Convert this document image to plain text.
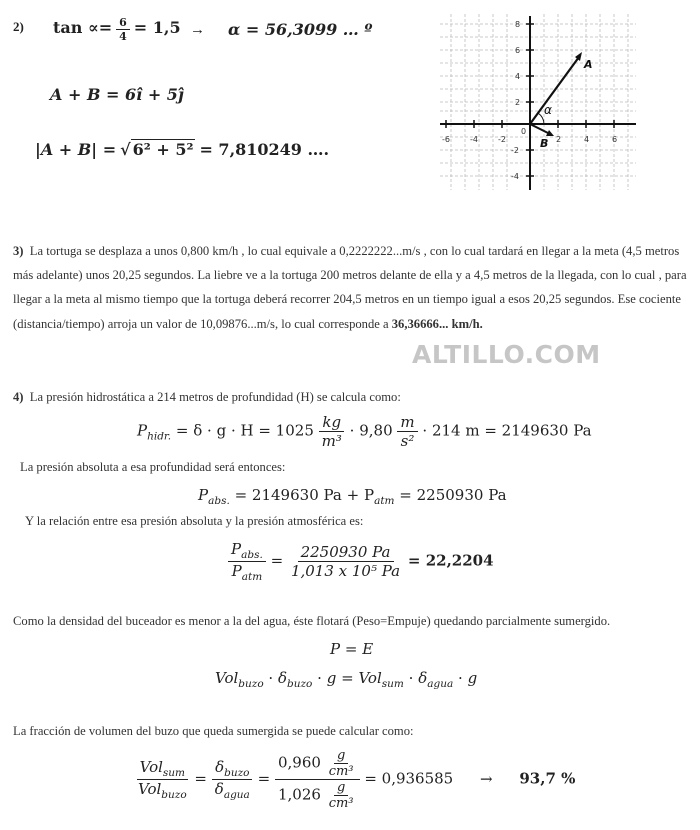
2) $\tan \propto= \frac{6}{4} = 1,5 \to \alpha = 56,3099$ … º
A + B = 6î + 5ĵ
|A + B| = √ 6² + 5² = 7,810249 ….
-6	-4	-2	2	4	6
8
6
4
2
-2
-4
0
A
B
α
3) La tortuga se desplaza a unos 0,800 km/h , lo cual equivale a 0,2222222...m/s , con lo cual tardará en llegar a la meta (4,5 metros más adelante) unos 20,25 segundos. La liebre ve a la tortuga 200 metros delante de ella y a 4,5 metros de la llegada, con lo cual , para llegar a la meta al mismo tiempo que la tortuga deberá recorrer 204,5 metros en un tiempo igual a esos 20,25 segundos. Ese cociente (distancia/tiempo) arroja un valor de 10,09876...m/s, lo cual corresponde a 36,36666... km/h.
ALTILLO.COM
4) La presión hidrostática a 214 metros de profundidad (H) se calcula como:
$P_{hidr.} = \delta \cdot g \cdot H = 1025 \frac{kg}{\text{m³}} \cdot 9,80 \frac{m}{\text{s²}} \cdot 214$ m = 2149630 Pa
La presión absoluta a esa profundidad será entonces:
$P_{abs.} = 2149630$ $Pa + P_{atm} = 2250930$ Pa
Y la relación entre esa presión absoluta y la presión atmosférica es:
$\frac{P_{abs.}}{P_{atm}} = \frac{2250930 Pa}{\text{1,013 x 10⁵ Pa}} = 22,2204$
Como la densidad del buceador es menor a la del agua, éste flotará (Peso=Empuje) quedando parcialmente sumergido.
P = E
$Vol_{buzo} \cdot \delta_{buzo} \cdot g = Vol_{sum} \cdot \delta_{agua} \cdot g$
La fracción de volumen del buzo que queda sumergida se puede calcular como:
$\frac{Vol_{sum}}{Vol_{buzo}} = \frac{\delta_{buzo}}{\delta_{agua}} = \frac{0,960 \frac{g}{\text{cm³}}}{1,026 \frac{g}{\text{cm³}}} = 0,936585 \to 93,7$ %
